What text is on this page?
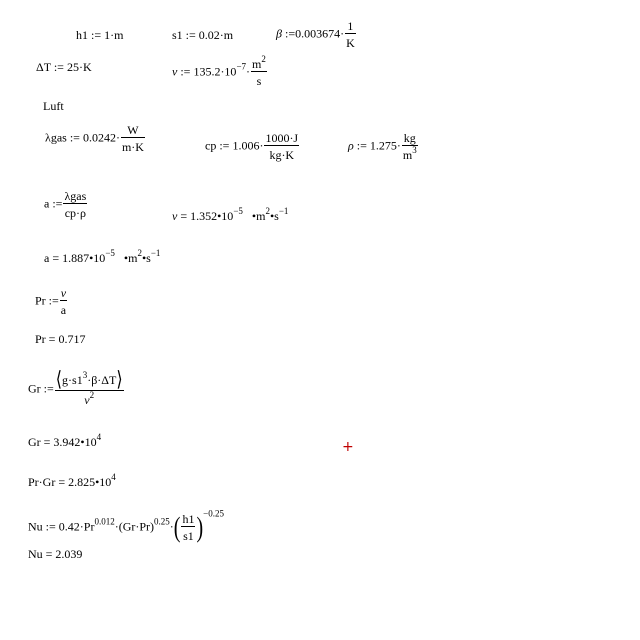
h1 := 1·m	s1 := 0.02·m	β :=0.003674· $\frac{1}{K}$
ΔT := 25·K	ν := $135.2\cdot 10^{-7}\cdot \frac{m^2}{s}$
Luft
λgas := $0.0242\cdot \frac{W}{m\cdot K}$	cp := $1.006\cdot \frac{1000\cdot J}{kg\cdot K}$	ρ := $1.275\cdot \frac{kg}{m^3}$
a := $\frac{\text{λgas}}{cp\cdot\rho}$	$\nu = 1.352•10^{-5}$ $•m^2•s^{-1}$
$a = 1.887•10^{-5}$ $•m^2•s^{-1}$
Pr := $\frac{\nu}{a}$
Pr = 0.717
Gr := $\frac{⟨g\cdot s1^3\cdot\beta\cdot\Delta T⟩}{\nu^2}$
$Gr = 3.942•10^4$
+
$Pr\cdot Gr = 2.825•10^4$
Nu := $0.42\cdot Pr^{0.012}\cdot(Gr\cdot Pr)^{0.25}\cdot( \frac{h1}{s1} )^{-0.25}$
Nu = 2.039
